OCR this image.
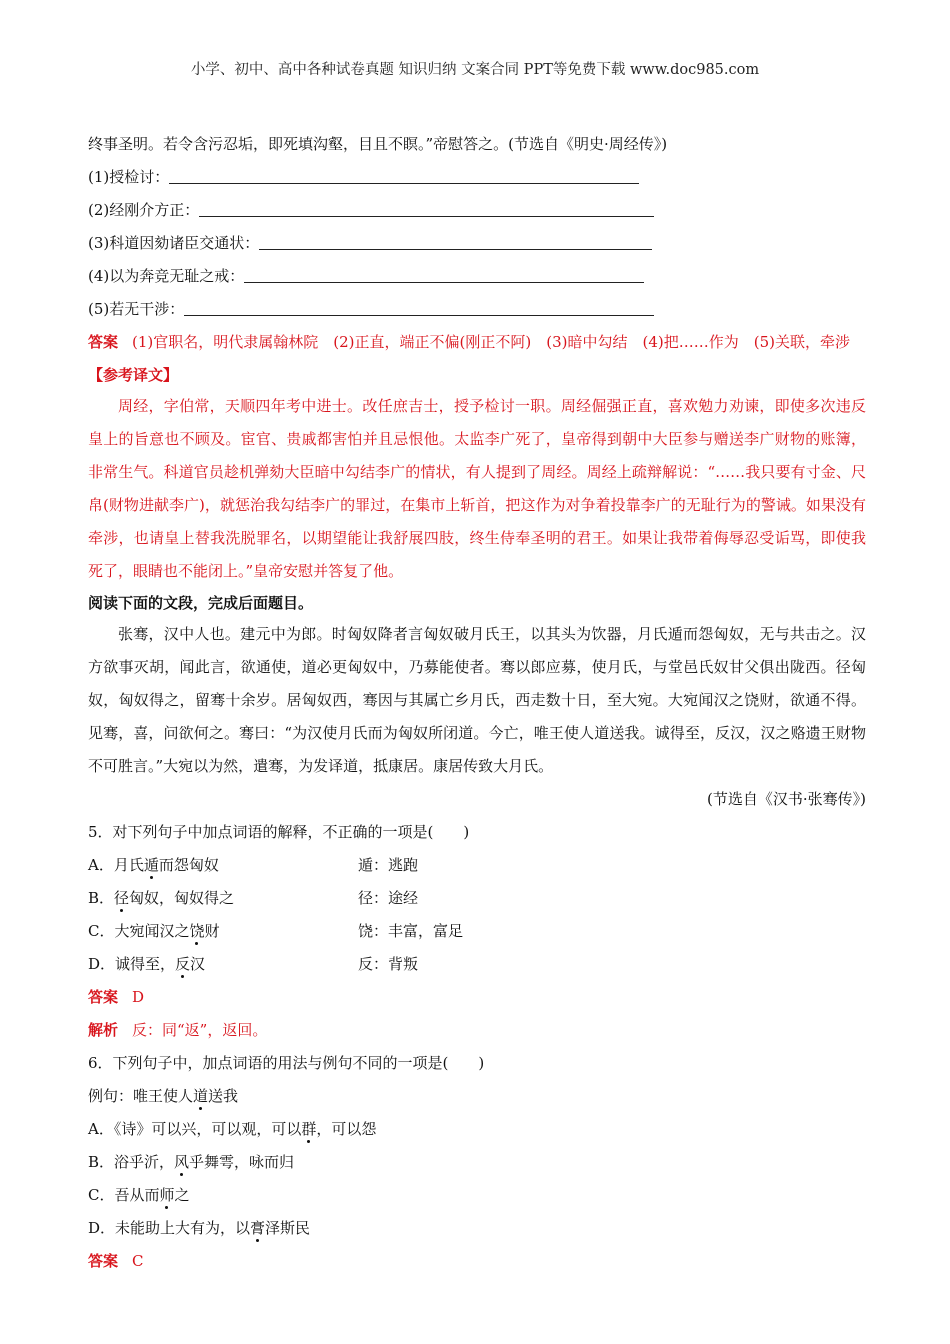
小学、初中、高中各种试卷真题 知识归纳 文案合同 PPT等免费下载 www.doc985.com
终事圣明。若令含污忍垢，即死填沟壑，目且不瞑。”帝慰答之。(节选自《明史·周经传》)
(1)授检讨：
(2)经刚介方正：
(3)科道因劾诸臣交通状：
(4)以为奔竞无耻之戒：
(5)若无干涉：
答案 (1)官职名，明代隶属翰林院　(2)正直，端正不偏(刚正不阿)　(3)暗中勾结　(4)把……作为　(5)关联，牵涉
【参考译文】
周经，字伯常，天顺四年考中进士。改任庶吉士，授予检讨一职。周经倔强正直，喜欢勉力劝谏，即使多次违反皇上的旨意也不顾及。宦官、贵戚都害怕并且忌恨他。太监李广死了，皇帝得到朝中大臣参与赠送李广财物的账簿，非常生气。科道官员趁机弹劾大臣暗中勾结李广的情状，有人提到了周经。周经上疏辩解说：“……我只要有寸金、尺帛(财物进献李广)，就惩治我勾结李广的罪过，在集市上斩首，把这作为对争着投靠李广的无耻行为的警诫。如果没有牵涉，也请皇上替我洗脱罪名，以期望能让我舒展四肢，终生侍奉圣明的君王。如果让我带着侮辱忍受诟骂，即使我死了，眼睛也不能闭上。”皇帝安慰并答复了他。
阅读下面的文段，完成后面题目。
张骞，汉中人也。建元中为郎。时匈奴降者言匈奴破月氏王，以其头为饮器，月氏遁而怨匈奴，无与共击之。汉方欲事灭胡，闻此言，欲通使，道必更匈奴中，乃募能使者。骞以郎应募，使月氏，与堂邑氏奴甘父俱出陇西。径匈奴，匈奴得之，留骞十余岁。居匈奴西，骞因与其属亡乡月氏，西走数十日，至大宛。大宛闻汉之饶财，欲通不得。见骞，喜，问欲何之。骞曰：“为汉使月氏而为匈奴所闭道。今亡，唯王使人道送我。诚得至，反汉，汉之赂遗王财物不可胜言。”大宛以为然，遣骞，为发译道，抵康居。康居传致大月氏。
(节选自《汉书·张骞传》)
5．对下列句子中加点词语的解释，不正确的一项是(　　)
A．月氏遁而怨匈奴	遁：逃跑
B．径匈奴，匈奴得之	径：途经
C．大宛闻汉之饶财	饶：丰富，富足
D．诚得至，反汉	反：背叛
答案 D
解析 反：同“返”，返回。
6．下列句子中，加点词语的用法与例句不同的一项是(　　)
例句：唯王使人道送我
A．《诗》可以兴，可以观，可以群，可以怨
B．浴乎沂，风乎舞雩，咏而归
C．吾从而师之
D．未能助上大有为，以膏泽斯民
答案 C
